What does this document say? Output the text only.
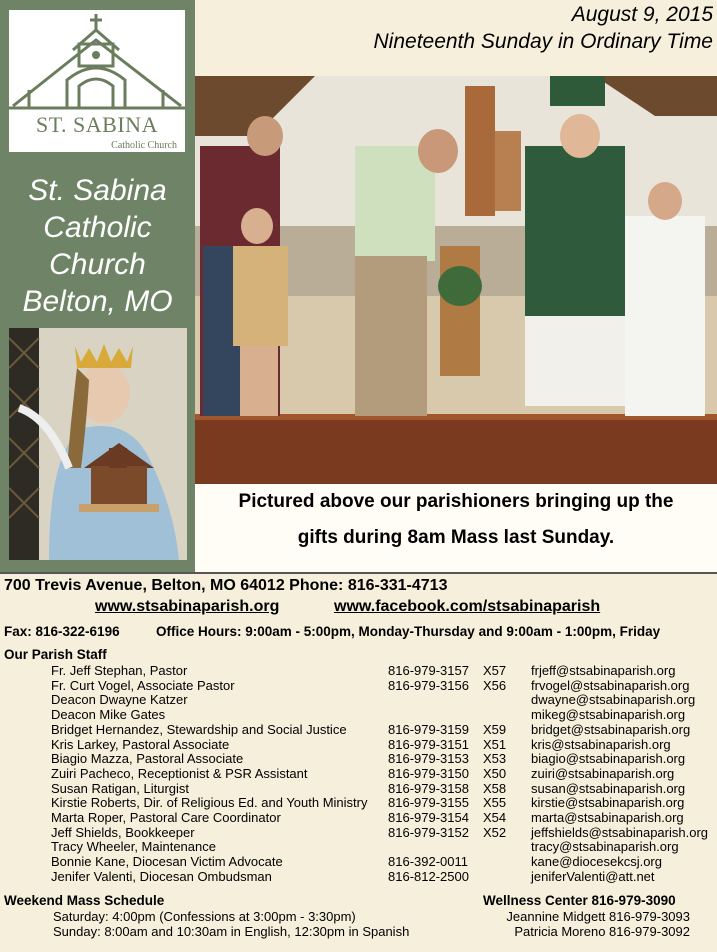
ST. SABINA
Catholic Church
St. Sabina
Catholic
Church
Belton, MO
August 9, 2015
Nineteenth Sunday in Ordinary Time
Pictured above our parishioners bringing up the
gifts during 8am Mass last Sunday.
700 Trevis Avenue, Belton, MO 64012 Phone: 816-331-4713
www.stsabinaparish.org	www.facebook.com/stsabinaparish
Fax: 816-322-6196	Office Hours: 9:00am - 5:00pm, Monday-Thursday and 9:00am - 1:00pm, Friday
Our Parish Staff
Fr. Jeff Stephan, Pastor	816-979-3157 X57 frjeff@stsabinaparish.org
Fr. Curt Vogel, Associate Pastor	816-979-3156 X56 frvogel@stsabinaparish.org
Deacon Dwayne Katzer	dwayne@stsabinaparish.org
Deacon Mike Gates	mikeg@stsabinaparish.org
Bridget Hernandez, Stewardship and Social Justice	816-979-3159 X59 bridget@stsabinaparish.org
Kris Larkey, Pastoral Associate	816-979-3151 X51 kris@stsabinaparish.org
Biagio Mazza, Pastoral Associate	816-979-3153 X53 biagio@stsabinaparish.org
Zuiri Pacheco, Receptionist & PSR Assistant	816-979-3150 X50 zuiri@stsabinaparish.org
Susan Ratigan, Liturgist	816-979-3158 X58 susan@stsabinaparish.org
Kirstie Roberts, Dir. of Religious Ed. and Youth Ministry 816-979-3155 X55 kirstie@stsabinaparish.org
Marta Roper, Pastoral Care Coordinator	816-979-3154 X54 marta@stsabinaparish.org
Jeff Shields, Bookkeeper	816-979-3152 X52 jeffshields@stsabinaparish.org
Tracy Wheeler, Maintenance	tracy@stsabinaparish.org
Bonnie Kane, Diocesan Victim Advocate	816-392-0011	kane@diocesekcsj.org
Jenifer Valenti, Diocesan Ombudsman	816-812-2500	jeniferValenti@att.net
Weekend Mass Schedule
Saturday: 4:00pm (Confessions at 3:00pm - 3:30pm)
Sunday: 8:00am and 10:30am in English, 12:30pm in Spanish
Wellness Center 816-979-3090
Jeannine Midgett 816-979-3093
Patricia Moreno 816-979-3092
